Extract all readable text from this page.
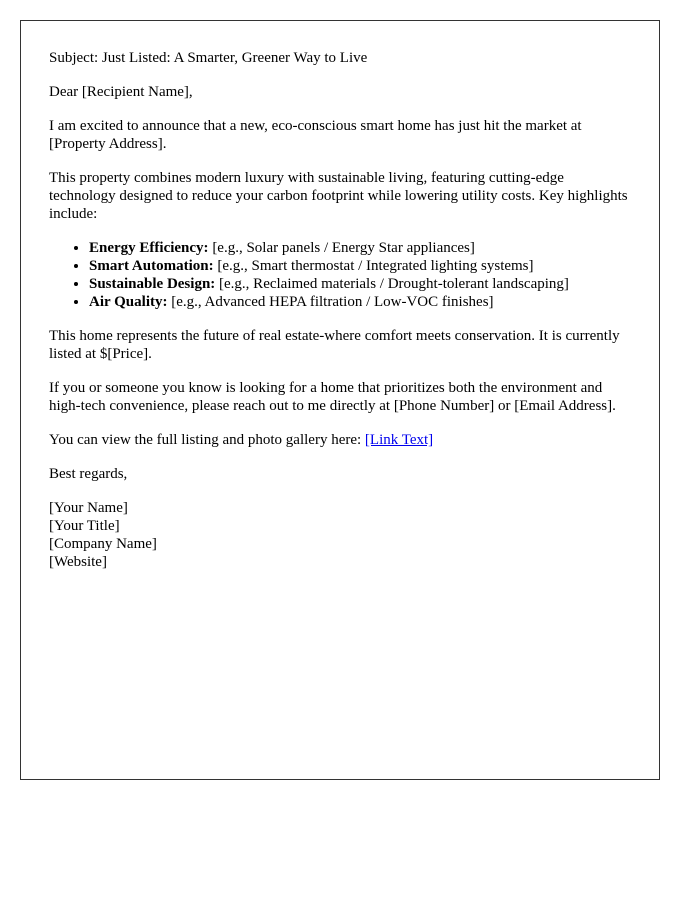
Subject: Just Listed: A Smarter, Greener Way to Live

Dear [Recipient Name],

I am excited to announce that a new, eco-conscious smart home has just hit the market at [Property Address].

This property combines modern luxury with sustainable living, featuring cutting-edge technology designed to reduce your carbon footprint while lowering utility costs. Key highlights include:

• Energy Efficiency: [e.g., Solar panels / Energy Star appliances]
• Smart Automation: [e.g., Smart thermostat / Integrated lighting systems]
• Sustainable Design: [e.g., Reclaimed materials / Drought-tolerant landscaping]
• Air Quality: [e.g., Advanced HEPA filtration / Low-VOC finishes]

This home represents the future of real estate-where comfort meets conservation. It is currently listed at $[Price].

If you or someone you know is looking for a home that prioritizes both the environment and high-tech convenience, please reach out to me directly at [Phone Number] or [Email Address].

You can view the full listing and photo gallery here: [Link Text]

Best regards,

[Your Name]
[Your Title]
[Company Name]
[Website]
